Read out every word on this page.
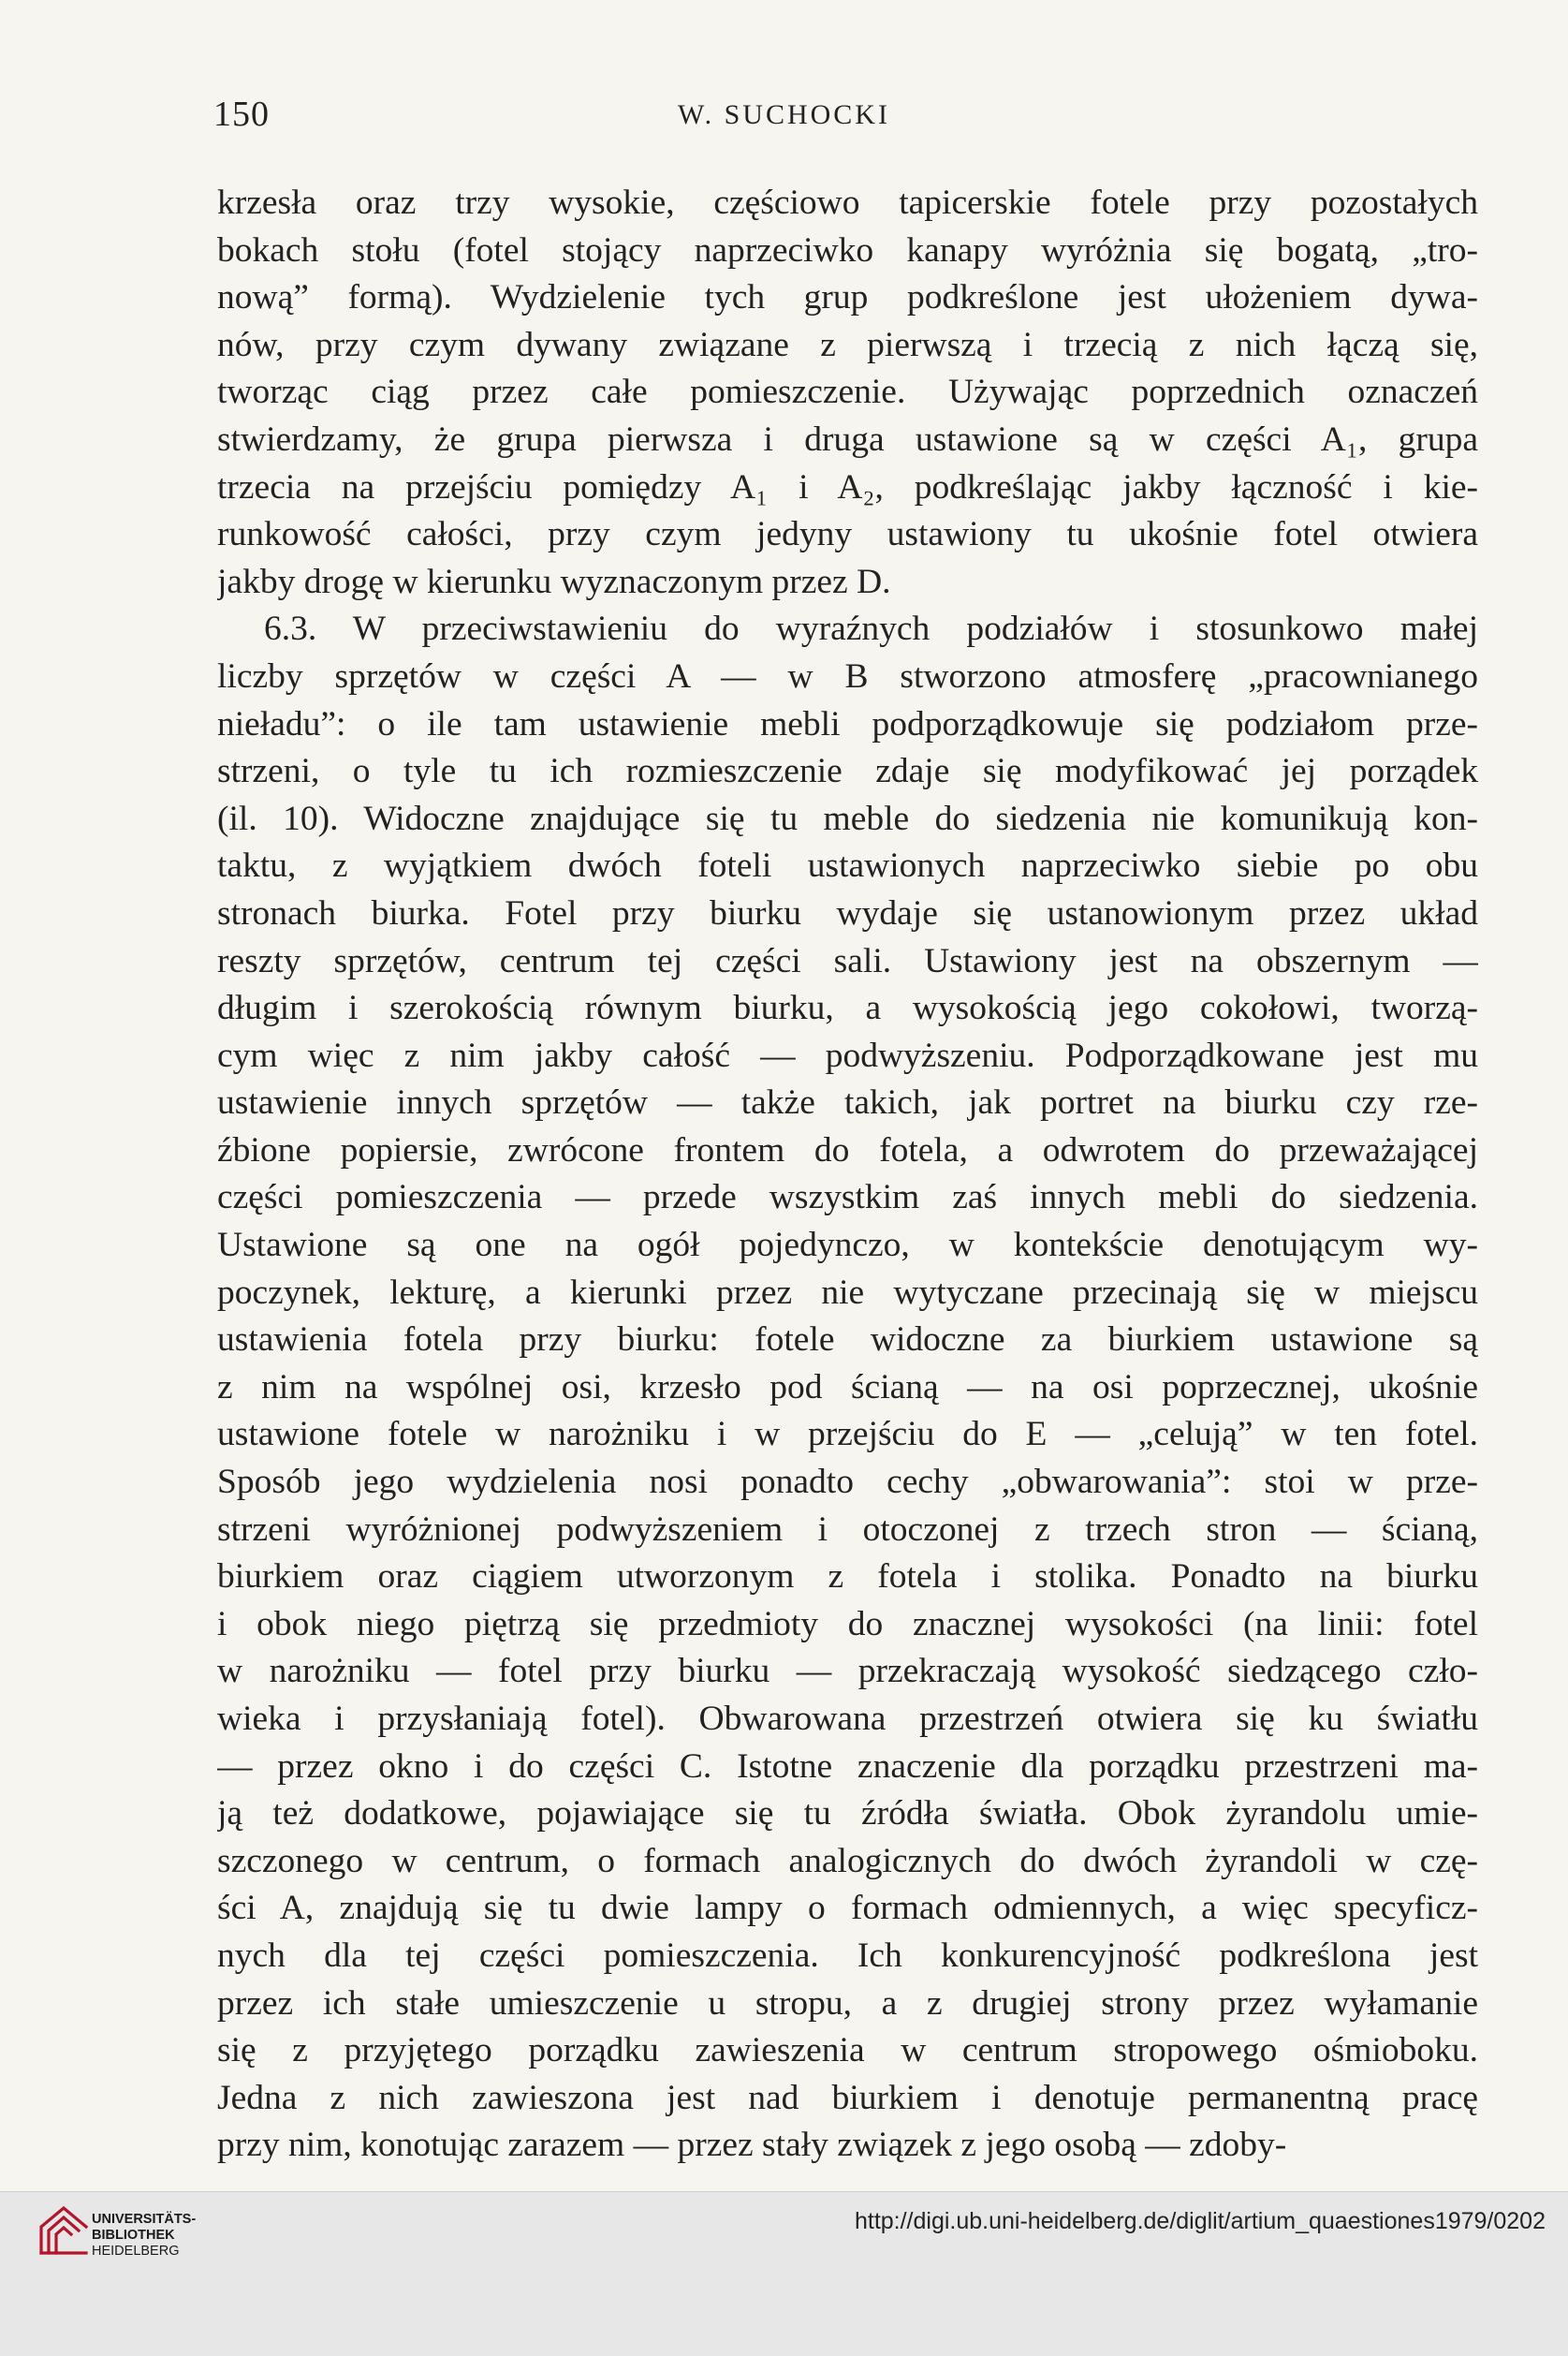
150	W. SUCHOCKI

krzesła oraz trzy wysokie, częściowo tapicerskie fotele przy pozostałych

bokach stołu (fotel stojący naprzeciwko kanapy wyróżnia się bogatą, „tro-

nową” formą). Wydzielenie tych grup podkreślone jest ułożeniem dywa-

nów, przy czym dywany związane z pierwszą i trzecią z nich łączą się,

tworząc ciąg przez całe pomieszczenie. Używając poprzednich oznaczeń

stwierdzamy, że grupa pierwsza i druga ustawione są w części A₁, grupa

trzecia na przejściu pomiędzy A₁ i A₂, podkreślając jakby łączność i kie-

runkowość całości, przy czym jedyny ustawiony tu ukośnie fotel otwiera

jakby drogę w kierunku wyznaczonym przez D.

6.3. W przeciwstawieniu do wyraźnych podziałów i stosunkowo małej

liczby sprzętów w części A — w B stworzono atmosferę „pracownianego

nieładu”: o ile tam ustawienie mebli podporządkowuje się podziałom prze-

strzeni, o tyle tu ich rozmieszczenie zdaje się modyfikować jej porządek

(il. 10). Widoczne znajdujące się tu meble do siedzenia nie komunikują kon-

taktu, z wyjątkiem dwóch foteli ustawionych naprzeciwko siebie po obu

stronach biurka. Fotel przy biurku wydaje się ustanowionym przez układ

reszty sprzętów, centrum tej części sali. Ustawiony jest na obszernym —

długim i szerokością równym biurku, a wysokością jego cokołowi, tworzą-

cym więc z nim jakby całość — podwyższeniu. Podporządkowane jest mu

ustawienie innych sprzętów — także takich, jak portret na biurku czy rze-

źbione popiersie, zwrócone frontem do fotela, a odwrotem do przeważającej

części pomieszczenia — przede wszystkim zaś innych mebli do siedzenia.

Ustawione są one na ogół pojedynczo, w kontekście denotującym wy-

poczynek, lekturę, a kierunki przez nie wytyczane przecinają się w miejscu

ustawienia fotela przy biurku: fotele widoczne za biurkiem ustawione są

z nim na wspólnej osi, krzesło pod ścianą — na osi poprzecznej, ukośnie

ustawione fotele w narożniku i w przejściu do E — „celują” w ten fotel.

Sposób jego wydzielenia nosi ponadto cechy „obwarowania”: stoi w prze-

strzeni wyróżnionej podwyższeniem i otoczonej z trzech stron — ścianą,

biurkiem oraz ciągiem utworzonym z fotela i stolika. Ponadto na biurku

i obok niego piętrzą się przedmioty do znacznej wysokości (na linii: fotel

w narożniku — fotel przy biurku — przekraczają wysokość siedzącego czło-

wieka i przysłaniają fotel). Obwarowana przestrzeń otwiera się ku światłu

— przez okno i do części C. Istotne znaczenie dla porządku przestrzeni ma-

ją też dodatkowe, pojawiające się tu źródła światła. Obok żyrandolu umie-

szczonego w centrum, o formach analogicznych do dwóch żyrandoli w czę-

ści A, znajdują się tu dwie lampy o formach odmiennych, a więc specyficz-

nych dla tej części pomieszczenia. Ich konkurencyjność podkreślona jest

przez ich stałe umieszczenie u stropu, a z drugiej strony przez wyłamanie

się z przyjętego porządku zawieszenia w centrum stropowego ośmioboku.

Jedna z nich zawieszona jest nad biurkiem i denotuje permanentną pracę

przy nim, konotując zarazem — przez stały związek z jego osobą — zdoby-

UNIVERSITÄTS-
BIBLIOTHEK
HEIDELBERG
http://digi.ub.uni-heidelberg.de/diglit/artium_quaestiones1979/0202
